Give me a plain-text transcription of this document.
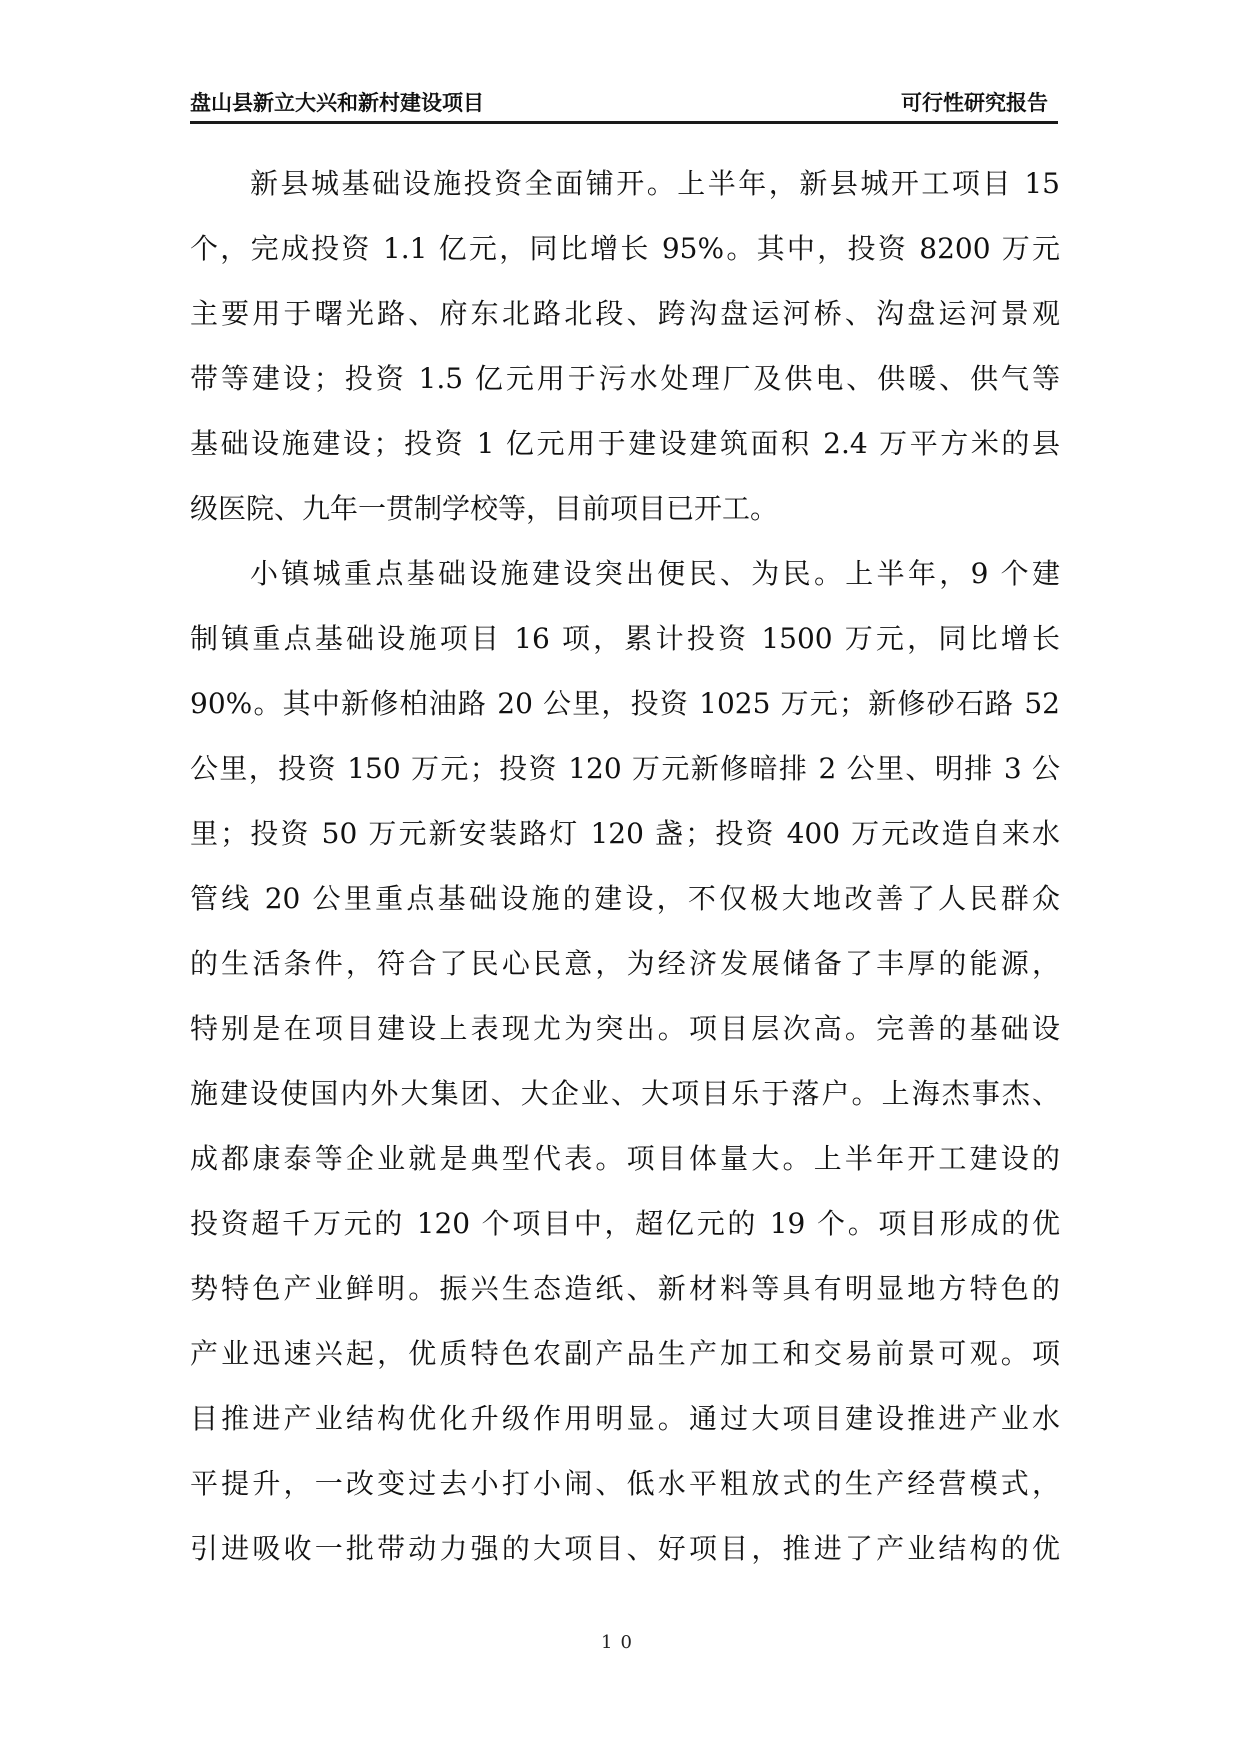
盘山县新立大兴和新村建设项目	可行性研究报告
新县城基础设施投资全面铺开。上半年，新县城开工项目 15
个，完成投资 1.1 亿元，同比增长 95%。其中，投资 8200 万元
主要用于曙光路、府东北路北段、跨沟盘运河桥、沟盘运河景观
带等建设；投资 1.5 亿元用于污水处理厂及供电、供暖、供气等
基础设施建设；投资 1 亿元用于建设建筑面积 2.4 万平方米的县
级医院、九年一贯制学校等，目前项目已开工。
小镇城重点基础设施建设突出便民、为民。上半年，9 个建
制镇重点基础设施项目 16 项，累计投资 1500 万元，同比增长
90%。其中新修柏油路 20 公里，投资 1025 万元；新修砂石路 52
公里，投资 150 万元；投资 120 万元新修暗排 2 公里、明排 3 公
里；投资 50 万元新安装路灯 120 盏；投资 400 万元改造自来水
管线 20 公里重点基础设施的建设，不仅极大地改善了人民群众
的生活条件，符合了民心民意，为经济发展储备了丰厚的能源，
特别是在项目建设上表现尤为突出。项目层次高。完善的基础设
施建设使国内外大集团、大企业、大项目乐于落户。上海杰事杰、
成都康泰等企业就是典型代表。项目体量大。上半年开工建设的
投资超千万元的 120 个项目中，超亿元的 19 个。项目形成的优
势特色产业鲜明。振兴生态造纸、新材料等具有明显地方特色的
产业迅速兴起，优质特色农副产品生产加工和交易前景可观。项
目推进产业结构优化升级作用明显。通过大项目建设推进产业水
平提升，一改变过去小打小闹、低水平粗放式的生产经营模式，
引进吸收一批带动力强的大项目、好项目，推进了产业结构的优
10
